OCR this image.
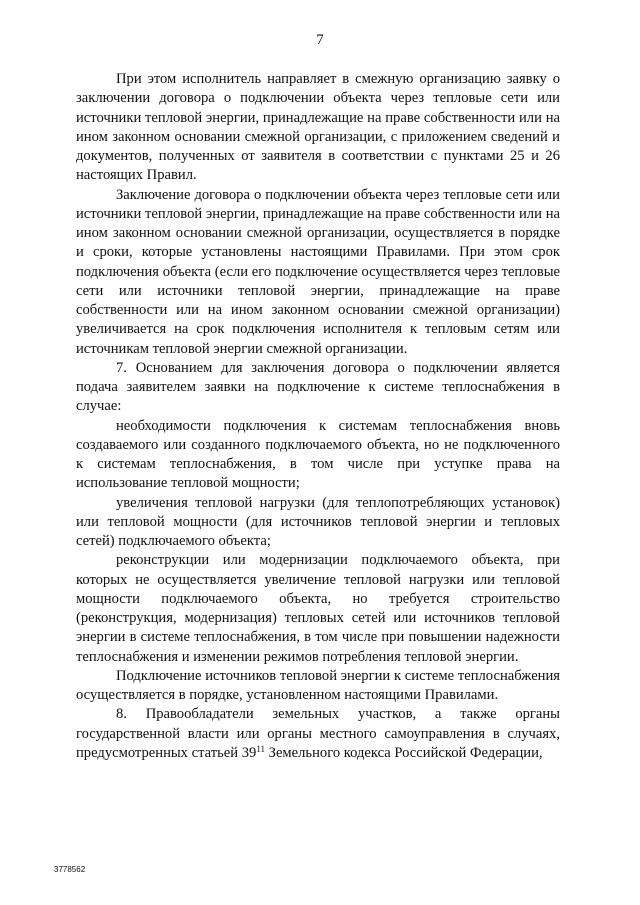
7

При этом исполнитель направляет в смежную организацию заявку о заключении договора о подключении объекта через тепловые сети или источники тепловой энергии, принадлежащие на праве собственности или на ином законном основании смежной организации, с приложением сведений и документов, полученных от заявителя в соответствии с пунктами 25 и 26 настоящих Правил.

Заключение договора о подключении объекта через тепловые сети или источники тепловой энергии, принадлежащие на праве собственности или на ином законном основании смежной организации, осуществляется в порядке и сроки, которые установлены настоящими Правилами. При этом срок подключения объекта (если его подключение осуществляется через тепловые сети или источники тепловой энергии, принадлежащие на праве собственности или на ином законном основании смежной организации) увеличивается на срок подключения исполнителя к тепловым сетям или источникам тепловой энергии смежной организации.

7. Основанием для заключения договора о подключении является подача заявителем заявки на подключение к системе теплоснабжения в случае:

необходимости подключения к системам теплоснабжения вновь создаваемого или созданного подключаемого объекта, но не подключенного к системам теплоснабжения, в том числе при уступке права на использование тепловой мощности;

увеличения тепловой нагрузки (для теплопотребляющих установок) или тепловой мощности (для источников тепловой энергии и тепловых сетей) подключаемого объекта;

реконструкции или модернизации подключаемого объекта, при которых не осуществляется увеличение тепловой нагрузки или тепловой мощности подключаемого объекта, но требуется строительство (реконструкция, модернизация) тепловых сетей или источников тепловой энергии в системе теплоснабжения, в том числе при повышении надежности теплоснабжения и изменении режимов потребления тепловой энергии.

Подключение источников тепловой энергии к системе теплоснабжения осуществляется в порядке, установленном настоящими Правилами.

8. Правообладатели земельных участков, а также органы государственной власти или органы местного самоуправления в случаях, предусмотренных статьей $39^{11}$ Земельного кодекса Российской Федерации,

3778562
